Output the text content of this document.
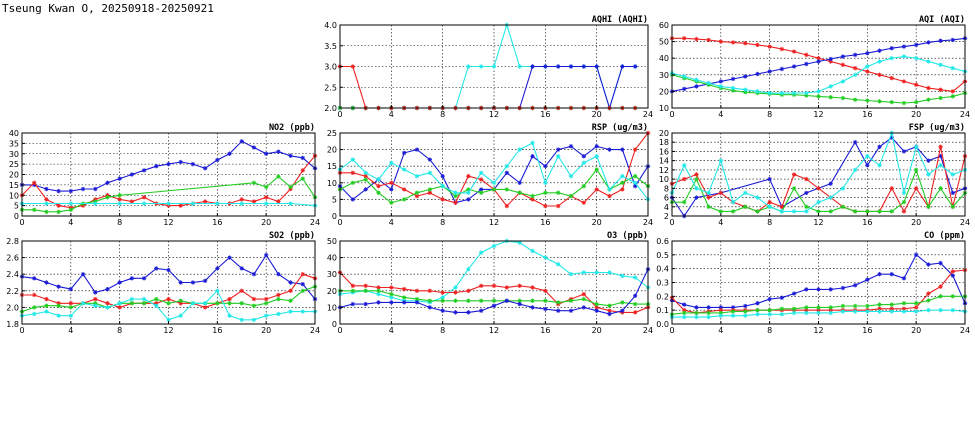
Tseung Kwan O, 20250918-20250921
AQHI (AQHI)
0	4	8	12	16	20	24
2.0
2.5
3.0
3.5
4.0
AQI (AQI)
0	4	8	12	16	20	24
10
20
30
40
50
60
NO2 (ppb)
0	4	8	12	16	20	24
0
5
10
15
20
25
30
35
40
RSP (ug/m3)
0	4	8	12	16	20	24
0
5
10
15
20
25
FSP (ug/m3)
0	4	8	12	16	20	24
2
4
6
8
10
12
14
16
18
20
SO2 (ppb)
0	4	8	12	16	20	24
1.8
2.0
2.2
2.4
2.6
2.8
O3 (ppb)
0	4	8	12	16	20	24
0
10
20
30
40
50
CO (ppm)
0	4	8	12	16	20	24
0.0
0.1
0.2
0.3
0.4
0.5
0.6
